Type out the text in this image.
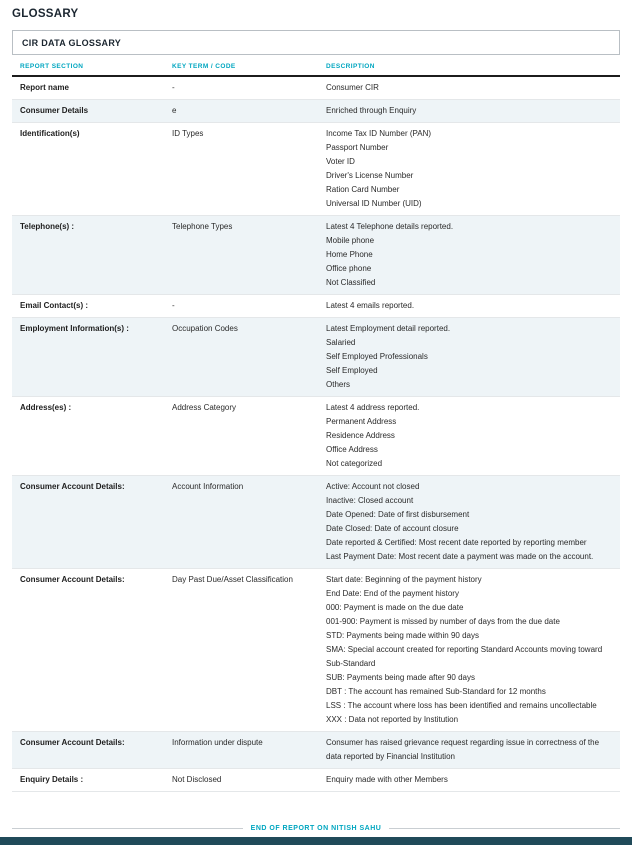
GLOSSARY
CIR DATA GLOSSARY
REPORT SECTION	KEY TERM / CODE	DESCRIPTION
Report name	-	Consumer CIR
Consumer Details	e	Enriched through Enquiry
Identification(s)	ID Types	Income Tax ID Number (PAN)
Passport Number
Voter ID
Driver's License Number
Ration Card Number
Universal ID Number (UID)
Telephone(s) :	Telephone Types	Latest 4 Telephone details reported.
Mobile phone
Home Phone
Office phone
Not Classified
Email Contact(s) :	-	Latest 4 emails reported.
Employment Information(s) :	Occupation Codes	Latest Employment detail reported.
Salaried
Self Employed Professionals
Self Employed
Others
Address(es) :	Address Category	Latest 4 address reported.
Permanent Address
Residence Address
Office Address
Not categorized
Consumer Account Details:	Account Information	Active: Account not closed
Inactive: Closed account
Date Opened: Date of first disbursement
Date Closed: Date of account closure
Date reported & Certified: Most recent date reported by reporting member
Last Payment Date: Most recent date a payment was made on the account.
Consumer Account Details:	Day Past Due/Asset Classification	Start date: Beginning of the payment history
End Date: End of the payment history
000: Payment is made on the due date
001-900: Payment is missed by number of days from the due date
STD: Payments being made within 90 days
SMA: Special account created for reporting Standard Accounts moving toward Sub-Standard
SUB: Payments being made after 90 days
DBT : The account has remained Sub-Standard for 12 months
LSS : The account where loss has been identified and remains uncollectable
XXX : Data not reported by Institution
Consumer Account Details:	Information under dispute	Consumer has raised grievance request regarding issue in correctness of the data reported by Financial Institution
Enquiry Details :	Not Disclosed	Enquiry made with other Members
END OF REPORT ON NITISH SAHU
